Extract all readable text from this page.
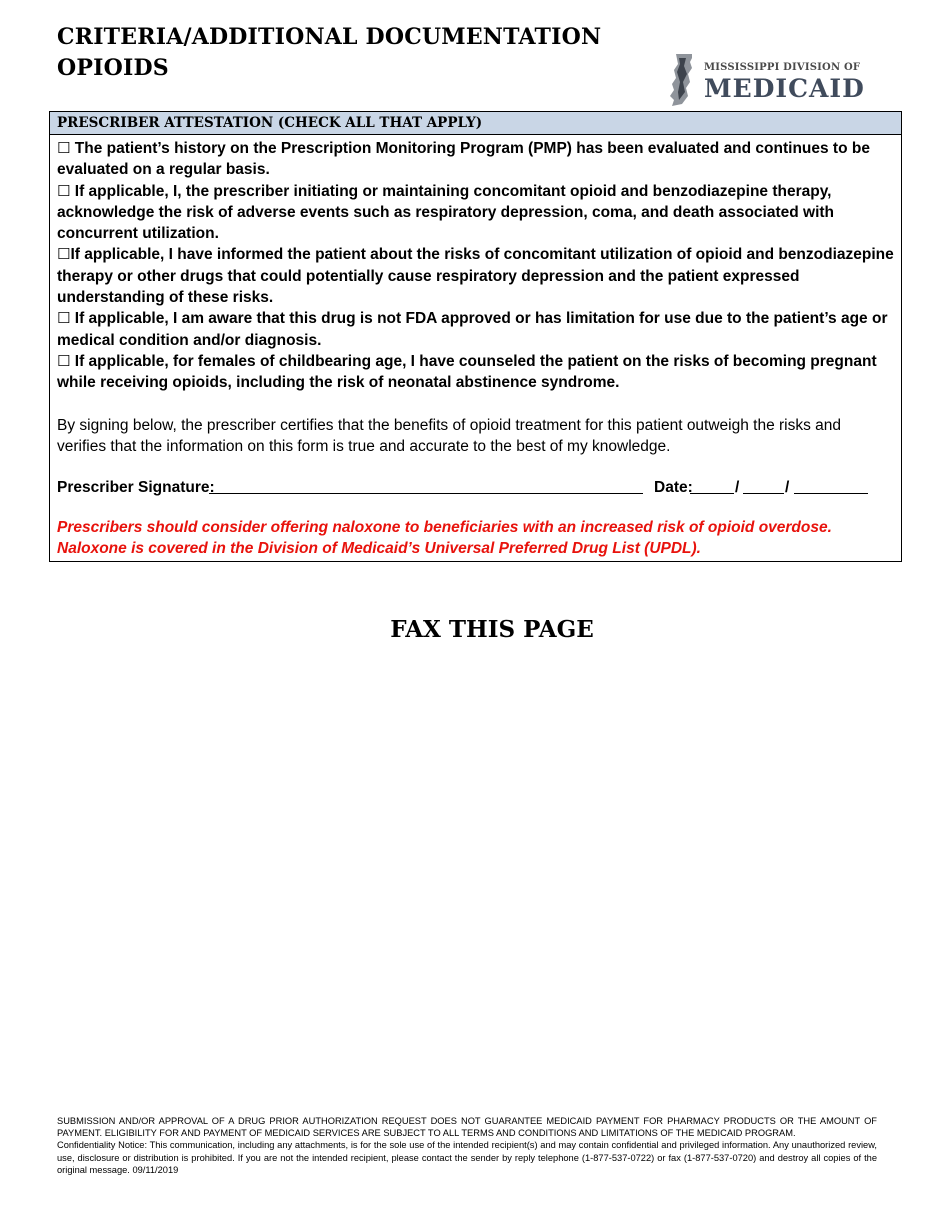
CRITERIA/ADDITIONAL DOCUMENTATION
OPIOIDS	MISSISSIPPI DIVISION OF
MEDICAID
PRESCRIBER ATTESTATION (CHECK ALL THAT APPLY)

☐ The patient’s history on the Prescription Monitoring Program (PMP) has been evaluated and continues to be evaluated on a regular basis.

☐ If applicable, I, the prescriber initiating or maintaining concomitant opioid and benzodiazepine therapy, acknowledge the risk of adverse events such as respiratory depression, coma, and death associated with concurrent utilization.

☐If applicable, I have informed the patient about the risks of concomitant utilization of opioid and benzodiazepine therapy or other drugs that could potentially cause respiratory depression and the patient expressed understanding of these risks.

☐ If applicable, I am aware that this drug is not FDA approved or has limitation for use due to the patient’s age or medical condition and/or diagnosis.

☐ If applicable, for females of childbearing age, I have counseled the patient on the risks of becoming pregnant while receiving opioids, including the risk of neonatal abstinence syndrome.

By signing below, the prescriber certifies that the benefits of opioid treatment for this patient outweigh the risks and verifies that the information on this form is true and accurate to the best of my knowledge.
Prescriber Signature:	Date:	/	/
Prescribers should consider offering naloxone to beneficiaries with an increased risk of opioid overdose. Naloxone is covered in the Division of Medicaid’s Universal Preferred Drug List (UPDL).
FAX THIS PAGE

SUBMISSION AND/OR APPROVAL OF A DRUG PRIOR AUTHORIZATION REQUEST DOES NOT GUARANTEE MEDICAID PAYMENT FOR PHARMACY PRODUCTS OR THE AMOUNT OF PAYMENT. ELIGIBILITY FOR AND PAYMENT OF MEDICAID SERVICES ARE SUBJECT TO ALL TERMS AND CONDITIONS AND LIMITATIONS OF THE MEDICAID PROGRAM.

Confidentiality Notice: This communication, including any attachments, is for the sole use of the intended recipient(s) and may contain confidential and privileged information. Any unauthorized review, use, disclosure or distribution is prohibited. If you are not the intended recipient, please contact the sender by reply telephone (1-877-537-0722) or fax (1-877-537-0720) and destroy all copies of the original message. 09/11/2019
